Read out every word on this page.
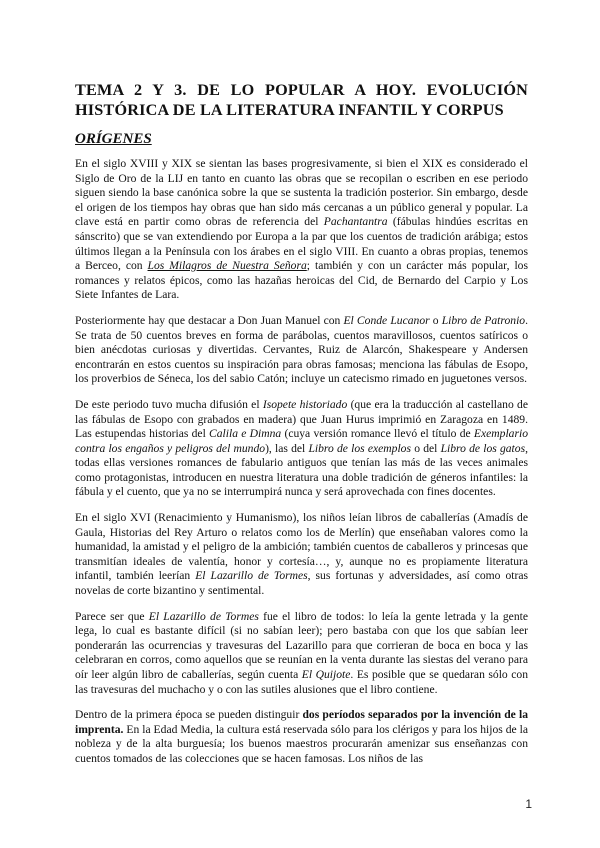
TEMA 2 Y 3. DE LO POPULAR A HOY. EVOLUCIÓN HISTÓRICA DE LA LITERATURA INFANTIL Y CORPUS
ORÍGENES

En el siglo XVIII y XIX se sientan las bases progresivamente, si bien el XIX es considerado el Siglo de Oro de la LIJ en tanto en cuanto las obras que se recopilan o escriben en ese periodo siguen siendo la base canónica sobre la que se sustenta la tradición posterior. Sin embargo, desde el origen de los tiempos hay obras que han sido más cercanas a un público general y popular. La clave está en partir como obras de referencia del Pachantantra (fábulas hindúes escritas en sánscrito) que se van extendiendo por Europa a la par que los cuentos de tradición arábiga; estos últimos llegan a la Península con los árabes en el siglo VIII. En cuanto a obras propias, tenemos a Berceo, con Los Milagros de Nuestra Señora; también y con un carácter más popular, los romances y relatos épicos, como las hazañas heroicas del Cid, de Bernardo del Carpio y Los Siete Infantes de Lara.

Posteriormente hay que destacar a Don Juan Manuel con El Conde Lucanor o Libro de Patronio. Se trata de 50 cuentos breves en forma de parábolas, cuentos maravillosos, cuentos satíricos o bien anécdotas curiosas y divertidas. Cervantes, Ruiz de Alarcón, Shakespeare y Andersen encontrarán en estos cuentos su inspiración para obras famosas; menciona las fábulas de Esopo, los proverbios de Séneca, los del sabio Catón; incluye un catecismo rimado en juguetones versos.

De este periodo tuvo mucha difusión el Isopete historiado (que era la traducción al castellano de las fábulas de Esopo con grabados en madera) que Juan Hurus imprimió en Zaragoza en 1489. Las estupendas historias del Calila e Dimna (cuya versión romance llevó el título de Exemplario contra los engaños y peligros del mundo), las del Libro de los exemplos o del Libro de los gatos, todas ellas versiones romances de fabulario antiguos que tenían las más de las veces animales como protagonistas, introducen en nuestra literatura una doble tradición de géneros infantiles: la fábula y el cuento, que ya no se interrumpirá nunca y será aprovechada con fines docentes.

En el siglo XVI (Renacimiento y Humanismo), los niños leían libros de caballerías (Amadís de Gaula, Historias del Rey Arturo o relatos como los de Merlín) que enseñaban valores como la humanidad, la amistad y el peligro de la ambición; también cuentos de caballeros y princesas que transmitían ideales de valentía, honor y cortesía…, y, aunque no es propiamente literatura infantil, también leerían El Lazarillo de Tormes, sus fortunas y adversidades, así como otras novelas de corte bizantino y sentimental.

Parece ser que El Lazarillo de Tormes fue el libro de todos: lo leía la gente letrada y la gente lega, lo cual es bastante difícil (si no sabían leer); pero bastaba con que los que sabían leer ponderarán las ocurrencias y travesuras del Lazarillo para que corrieran de boca en boca y las celebraran en corros, como aquellos que se reunían en la venta durante las siestas del verano para oír leer algún libro de caballerías, según cuenta El Quijote. Es posible que se quedaran sólo con las travesuras del muchacho y o con las sutiles alusiones que el libro contiene.

Dentro de la primera época se pueden distinguir dos períodos separados por la invención de la imprenta. En la Edad Media, la cultura está reservada sólo para los clérigos y para los hijos de la nobleza y de la alta burguesía; los buenos maestros procurarán amenizar sus enseñanzas con cuentos tomados de las colecciones que se hacen famosas. Los niños de las

1
